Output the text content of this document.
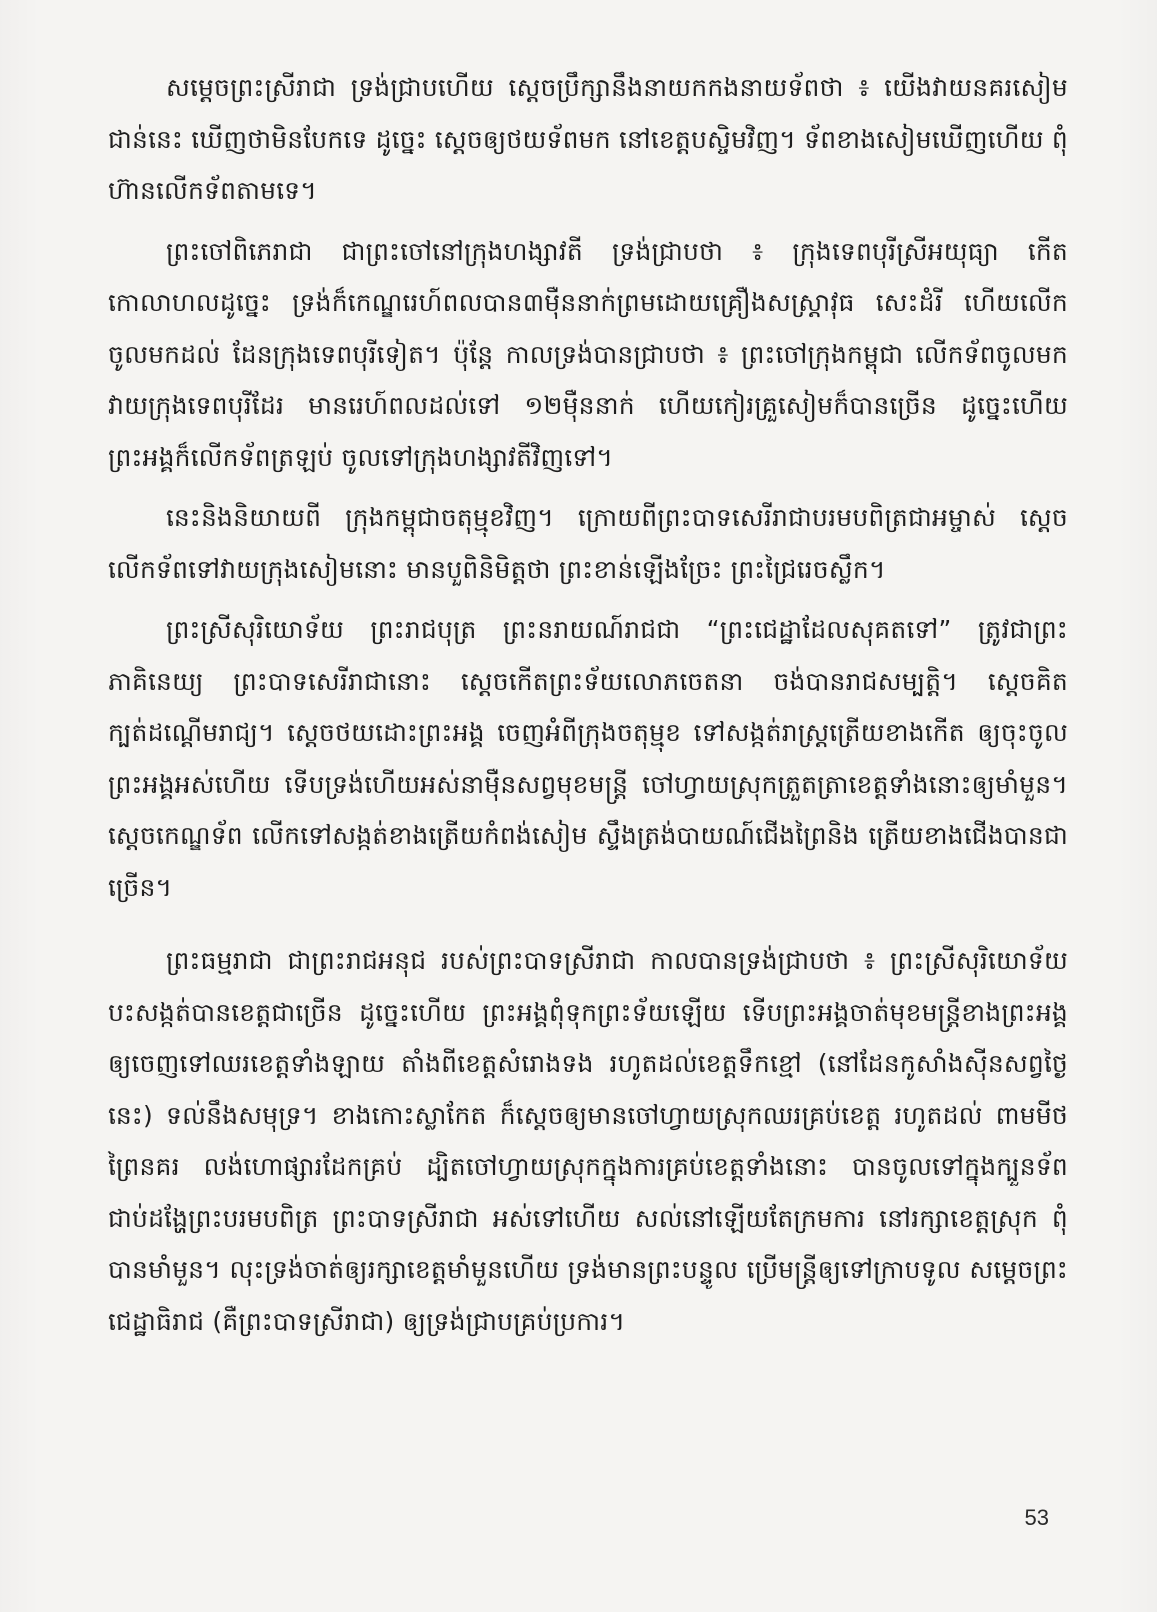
សម្តេចព្រះស្រីរាជា ទ្រង់ជ្រាបហើយ ស្តេចប្រឹក្សានឹងនាយកកងនាយទ័ពថា ៖ យើងវាយនគរសៀមជាន់នេះ ឃើញថាមិនបែកទេ ដូច្នេះ ស្តេចឲ្យថយទ័ពមក នៅខេត្តបស្ចិមវិញ។ ទ័ពខាងសៀមឃើញហើយ ពុំហ៊ានលើកទ័ពតាមទេ។

ព្រះចៅពិភេរាជា ជាព្រះចៅនៅក្រុងហង្សាវតី ទ្រង់ជ្រាបថា ៖ ក្រុងទេពបុរីស្រីអយុធ្យា កើតកោលាហលដូច្នេះ ទ្រង់ក៏កេណ្ឌរេហ៍ពលបាន៣ម៉ឺននាក់ព្រមដោយគ្រឿងសស្ត្រាវុធ សេះដំរី ហើយលើកចូលមកដល់ ដែនក្រុងទេពបុរីទៀត។ ប៉ុន្តែ កាលទ្រង់បានជ្រាបថា ៖ ព្រះចៅក្រុងកម្ពុជា លើកទ័ពចូលមកវាយក្រុងទេពបុរីដែរ មានរេហ៍ពលដល់ទៅ ១២ម៉ឺននាក់ ហើយកៀរគ្រួសៀមក៏បានច្រើន ដូច្នេះហើយព្រះអង្គក៏លើកទ័ពត្រឡប់ ចូលទៅក្រុងហង្សាវតីវិញទៅ។

នេះនិងនិយាយពី ក្រុងកម្ពុជាចតុម្មុខវិញ។ ក្រោយពីព្រះបាទសេរីរាជាបរមបពិត្រជាអម្ចាស់ ស្តេចលើកទ័ពទៅវាយក្រុងសៀមនោះ មានបួពិនិមិត្តថា ព្រះខាន់ឡើងច្រែះ ព្រះជ្រៃរេចស្លឹក។

ព្រះស្រីសុរិយោទ័យ ព្រះរាជបុត្រ ព្រះនរាយណ៍រាជជា “ព្រះជេដ្ឋាដែលសុគតទៅ” ត្រូវជាព្រះភាគិនេយ្យ ព្រះបាទសេរីរាជានោះ ស្តេចកើតព្រះទ័យលោភចេតនា ចង់បានរាជសម្បត្តិ។ ស្តេចគិតក្បត់ដណ្តើមរាជ្យ។ ស្តេចថយដោះព្រះអង្គ ចេញអំពីក្រុងចតុម្មុខ ទៅសង្កត់រាស្ត្រត្រើយខាងកើត ឲ្យចុះចូលព្រះអង្គអស់ហើយ ទើបទ្រង់ហើយអស់នាម៉ឺនសព្វមុខមន្ត្រី ចៅហ្វាយស្រុកត្រួតត្រាខេត្តទាំងនោះឲ្យមាំមួន។ ស្តេចកេណ្ឌទ័ព លើកទៅសង្កត់ខាងត្រើយកំពង់សៀម ស្ទឹងត្រង់បាយណ៍ជើងព្រៃនិង ត្រើយខាងជើងបានជាច្រើន។

ព្រះធម្មរាជា ជាព្រះរាជអនុជ របស់ព្រះបាទស្រីរាជា កាលបានទ្រង់ជ្រាបថា ៖ ព្រះស្រីសុរិយោទ័យ បះសង្កត់បានខេត្តជាច្រើន ដូច្នេះហើយ ព្រះអង្គពុំទុកព្រះទ័យឡើយ ទើបព្រះអង្គចាត់មុខមន្ត្រីខាងព្រះអង្គ ឲ្យចេញទៅឈរខេត្តទាំងឡាយ តាំងពីខេត្តសំរោងទង រហូតដល់ខេត្តទឹកខ្មៅ (នៅដែនកូសាំងស៊ីនសព្វថ្ងៃនេះ) ទល់នឹងសមុទ្រ។ ខាងកោះស្លាកែត ក៏ស្តេចឲ្យមានចៅហ្វាយស្រុកឈរគ្រប់ខេត្ត រហូតដល់ ពាមមីថ ព្រៃនគរ លង់ហោផ្សារដែកគ្រប់ ដ្បិតចៅហ្វាយស្រុកក្នុងការគ្រប់ខេត្តទាំងនោះ បានចូលទៅក្នុងក្បួនទ័ព ជាប់ដង្ហែព្រះបរមបពិត្រ ព្រះបាទស្រីរាជា អស់ទៅហើយ សល់នៅឡើយតែក្រមការ នៅរក្សាខេត្តស្រុក ពុំបានមាំមួន។ លុះទ្រង់ចាត់ឲ្យរក្សាខេត្តមាំមួនហើយ ទ្រង់មានព្រះបន្ទូល ប្រើមន្ត្រីឲ្យទៅក្រាបទូល សម្តេចព្រះជេដ្ឋាធិរាជ (គឺព្រះបាទស្រីរាជា) ឲ្យទ្រង់ជ្រាបគ្រប់ប្រការ។

53
